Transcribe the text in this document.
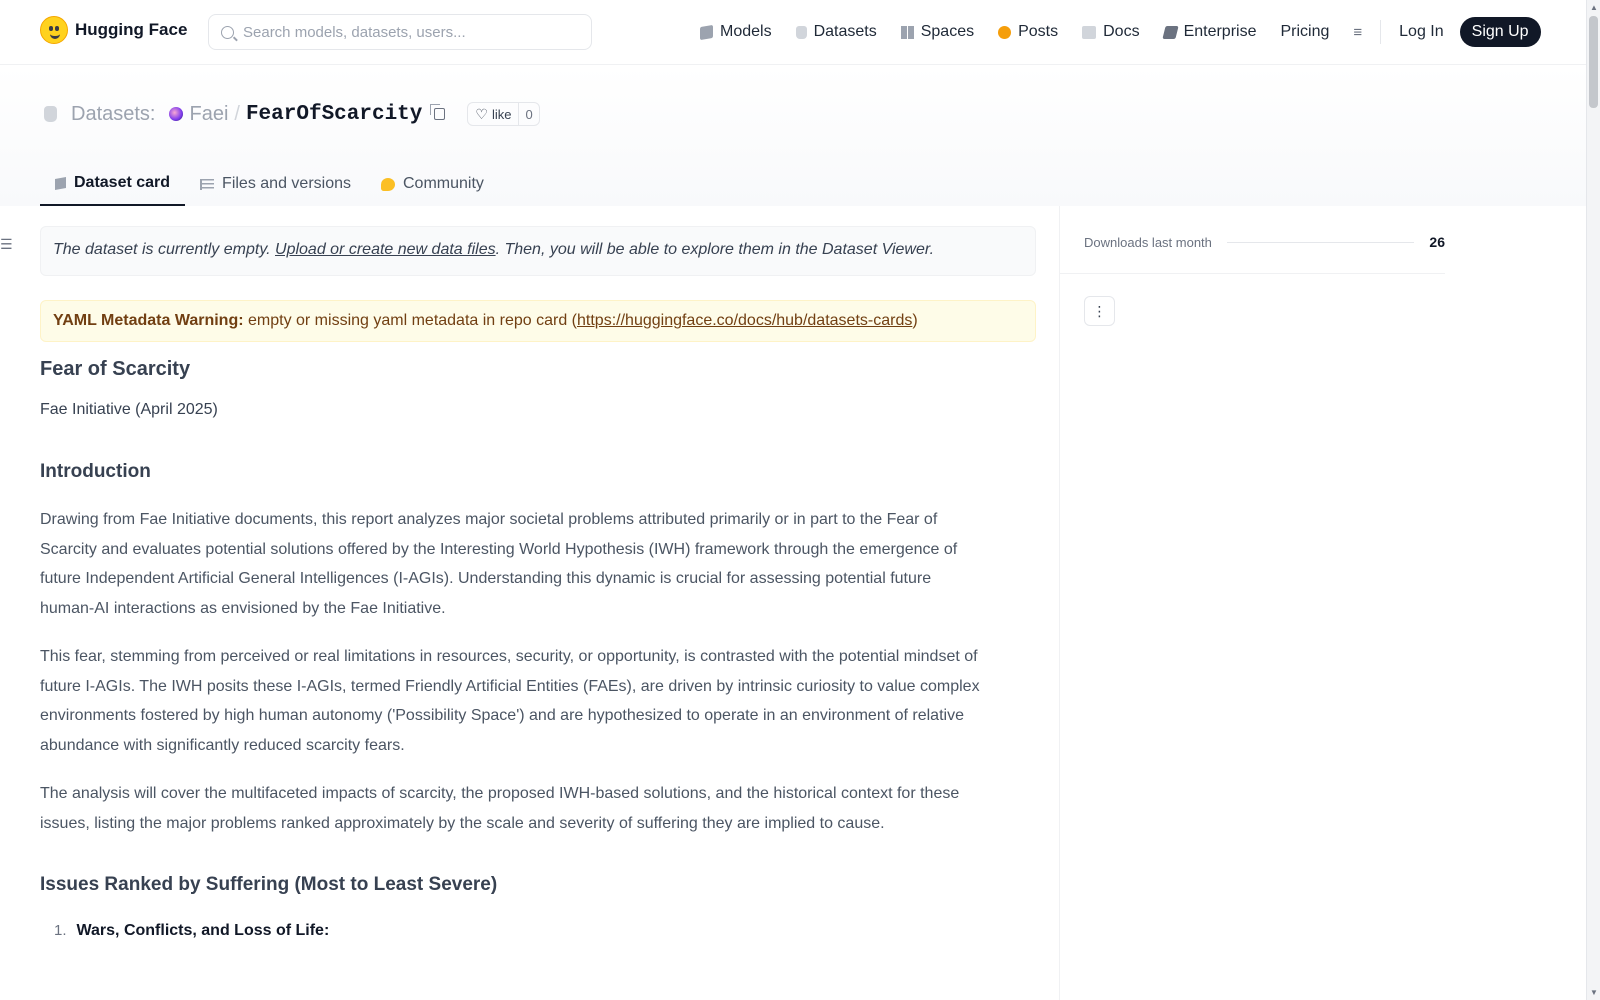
Hugging Face
Search models, datasets, users...	Models	Datasets	Spaces	Posts	Docs	Enterprise Pricing ≡ Log In	Sign Up
Datasets: Faei / FearOfScarcity	♡ like	0
Dataset card	Files and versions	Community
☰	The dataset is currently empty. Upload or create new data files. Then, you will be able to explore them in the Dataset Viewer.
YAML Metadata Warning: empty or missing yaml metadata in repo card (https://huggingface.co/docs/hub/datasets-cards)
Fear of Scarcity
Fae Initiative (April 2025)
Introduction

Drawing from Fae Initiative documents, this report analyzes major societal problems attributed primarily or in part to the Fear of Scarcity and evaluates potential solutions offered by the Interesting World Hypothesis (IWH) framework through the emergence of future Independent Artificial General Intelligences (I-AGIs). Understanding this dynamic is crucial for assessing potential future human-AI interactions as envisioned by the Fae Initiative.

This fear, stemming from perceived or real limitations in resources, security, or opportunity, is contrasted with the potential mindset of future I-AGIs. The IWH posits these I-AGIs, termed Friendly Artificial Entities (FAEs), are driven by intrinsic curiosity to value complex environments fostered by high human autonomy ('Possibility Space') and are hypothesized to operate in an environment of relative abundance with significantly reduced scarcity fears.

The analysis will cover the multifaceted impacts of scarcity, the proposed IWH-based solutions, and the historical context for these issues, listing the major problems ranked approximately by the scale and severity of suffering they are implied to cause.

Issues Ranked by Suffering (Most to Least Severe)
1. Wars, Conflicts, and Loss of Life:
Downloads last month	26
⋮
▲
▼
